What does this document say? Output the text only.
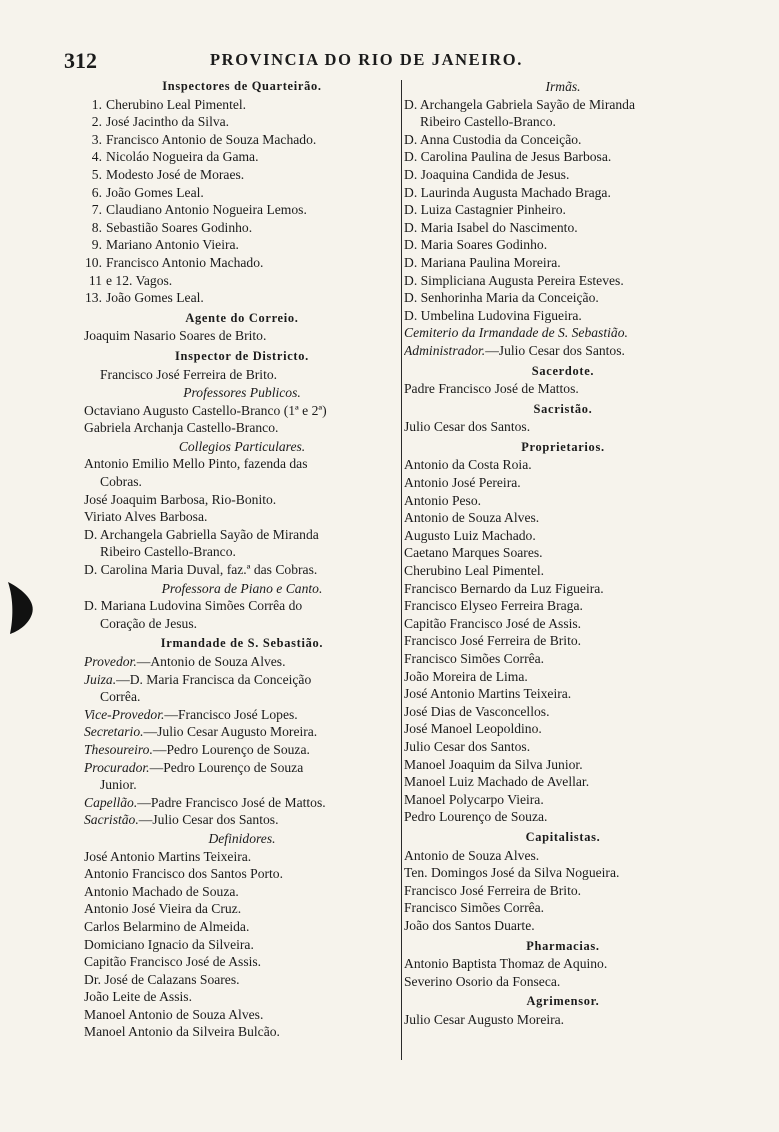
312	PROVINCIA DO RIO DE JANEIRO.
Inspectores de Quarteirão.
1. Cherubino Leal Pimentel.
2. José Jacintho da Silva.
3. Francisco Antonio de Souza Machado.
4. Nicoláo Nogueira da Gama.
5. Modesto José de Moraes.
6. João Gomes Leal.
7. Claudiano Antonio Nogueira Lemos.
8. Sebastião Soares Godinho.
9. Mariano Antonio Vieira.
10. Francisco Antonio Machado.
11 e 12. Vagos.
13. João Gomes Leal.
Agente do Correio.
Joaquim Nasario Soares de Brito.
Inspector de Districto.
Francisco José Ferreira de Brito.
Professores Publicos.
Octaviano Augusto Castello-Branco (1ª e 2ª)
Gabriela Archanja Castello-Branco.
Collegios Particulares.
Antonio Emilio Mello Pinto, fazenda das
Cobras.
José Joaquim Barbosa, Rio-Bonito.
Viriato Alves Barbosa.
D. Archangela Gabriella Sayão de Miranda
Ribeiro Castello-Branco.
D. Carolina Maria Duval, faz.ª das Cobras.
Professora de Piano e Canto.
D. Mariana Ludovina Simões Corrêa do
Coração de Jesus.
Irmandade de S. Sebastião.
Provedor.—Antonio de Souza Alves.
Juiza.—D. Maria Francisca da Conceição
Corrêa.
Vice-Provedor.—Francisco José Lopes.
Secretario.—Julio Cesar Augusto Moreira.
Thesoureiro.—Pedro Lourenço de Souza.
Procurador.—Pedro Lourenço de Souza
Junior.
Capellão.—Padre Francisco José de Mattos.
Sacristão.—Julio Cesar dos Santos.
Definidores.
José Antonio Martins Teixeira.
Antonio Francisco dos Santos Porto.
Antonio Machado de Souza.
Antonio José Vieira da Cruz.
Carlos Belarmino de Almeida.
Domiciano Ignacio da Silveira.
Capitão Francisco José de Assis.
Dr. José de Calazans Soares.
João Leite de Assis.
Manoel Antonio de Souza Alves.
Manoel Antonio da Silveira Bulcão.
Irmãs.
D. Archangela Gabriela Sayão de Miranda
Ribeiro Castello-Branco.
D. Anna Custodia da Conceição.
D. Carolina Paulina de Jesus Barbosa.
D. Joaquina Candida de Jesus.
D. Laurinda Augusta Machado Braga.
D. Luiza Castagnier Pinheiro.
D. Maria Isabel do Nascimento.
D. Maria Soares Godinho.
D. Mariana Paulina Moreira.
D. Simpliciana Augusta Pereira Esteves.
D. Senhorinha Maria da Conceição.
D. Umbelina Ludovina Figueira.
Cemiterio da Irmandade de S. Sebastião.
Administrador.—Julio Cesar dos Santos.
Sacerdote.
Padre Francisco José de Mattos.
Sacristão.
Julio Cesar dos Santos.
Proprietarios.
Antonio da Costa Roia.
Antonio José Pereira.
Antonio Peso.
Antonio de Souza Alves.
Augusto Luiz Machado.
Caetano Marques Soares.
Cherubino Leal Pimentel.
Francisco Bernardo da Luz Figueira.
Francisco Elyseo Ferreira Braga.
Capitão Francisco José de Assis.
Francisco José Ferreira de Brito.
Francisco Simões Corrêa.
João Moreira de Lima.
José Antonio Martins Teixeira.
José Dias de Vasconcellos.
José Manoel Leopoldino.
Julio Cesar dos Santos.
Manoel Joaquim da Silva Junior.
Manoel Luiz Machado de Avellar.
Manoel Polycarpo Vieira.
Pedro Lourenço de Souza.
Capitalistas.
Antonio de Souza Alves.
Ten. Domingos José da Silva Nogueira.
Francisco José Ferreira de Brito.
Francisco Simões Corrêa.
João dos Santos Duarte.
Pharmacias.
Antonio Baptista Thomaz de Aquino.
Severino Osorio da Fonseca.
Agrimensor.
Julio Cesar Augusto Moreira.
